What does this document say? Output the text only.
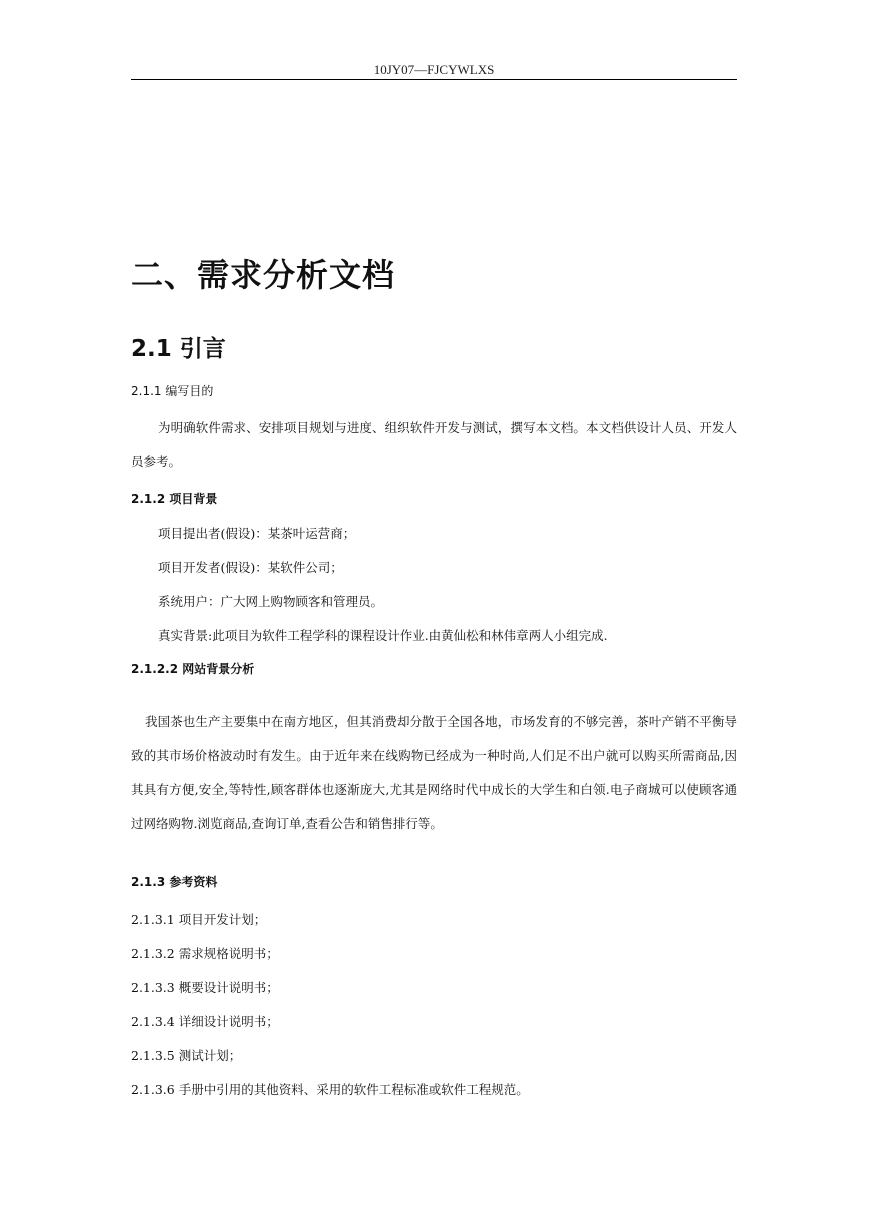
10JY07—FJCYWLXS
二、需求分析文档
2.1 引言
2.1.1 编写目的
为明确软件需求、安排项目规划与进度、组织软件开发与测试，撰写本文档。本文档供设计人员、开发人员参考。
2.1.2 项目背景
项目提出者(假设)：某茶叶运营商；
项目开发者(假设)：某软件公司；
系统用户：广大网上购物顾客和管理员。
真实背景:此项目为软件工程学科的课程设计作业.由黄仙松和林伟章两人小组完成.
2.1.2.2 网站背景分析
我国茶也生产主要集中在南方地区，但其消费却分散于全国各地，市场发育的不够完善，茶叶产销不平衡导致的其市场价格波动时有发生。由于近年来在线购物已经成为一种时尚,人们足不出户就可以购买所需商品,因其具有方便,安全,等特性,顾客群体也逐渐庞大,尤其是网络时代中成长的大学生和白领.电子商城可以使顾客通过网络购物.浏览商品,查询订单,查看公告和销售排行等。
2.1.3 参考资料
2.1.3.1 项目开发计划；
2.1.3.2 需求规格说明书；
2.1.3.3 概要设计说明书；
2.1.3.4 详细设计说明书；
2.1.3.5 测试计划；
2.1.3.6 手册中引用的其他资料、采用的软件工程标准或软件工程规范。
